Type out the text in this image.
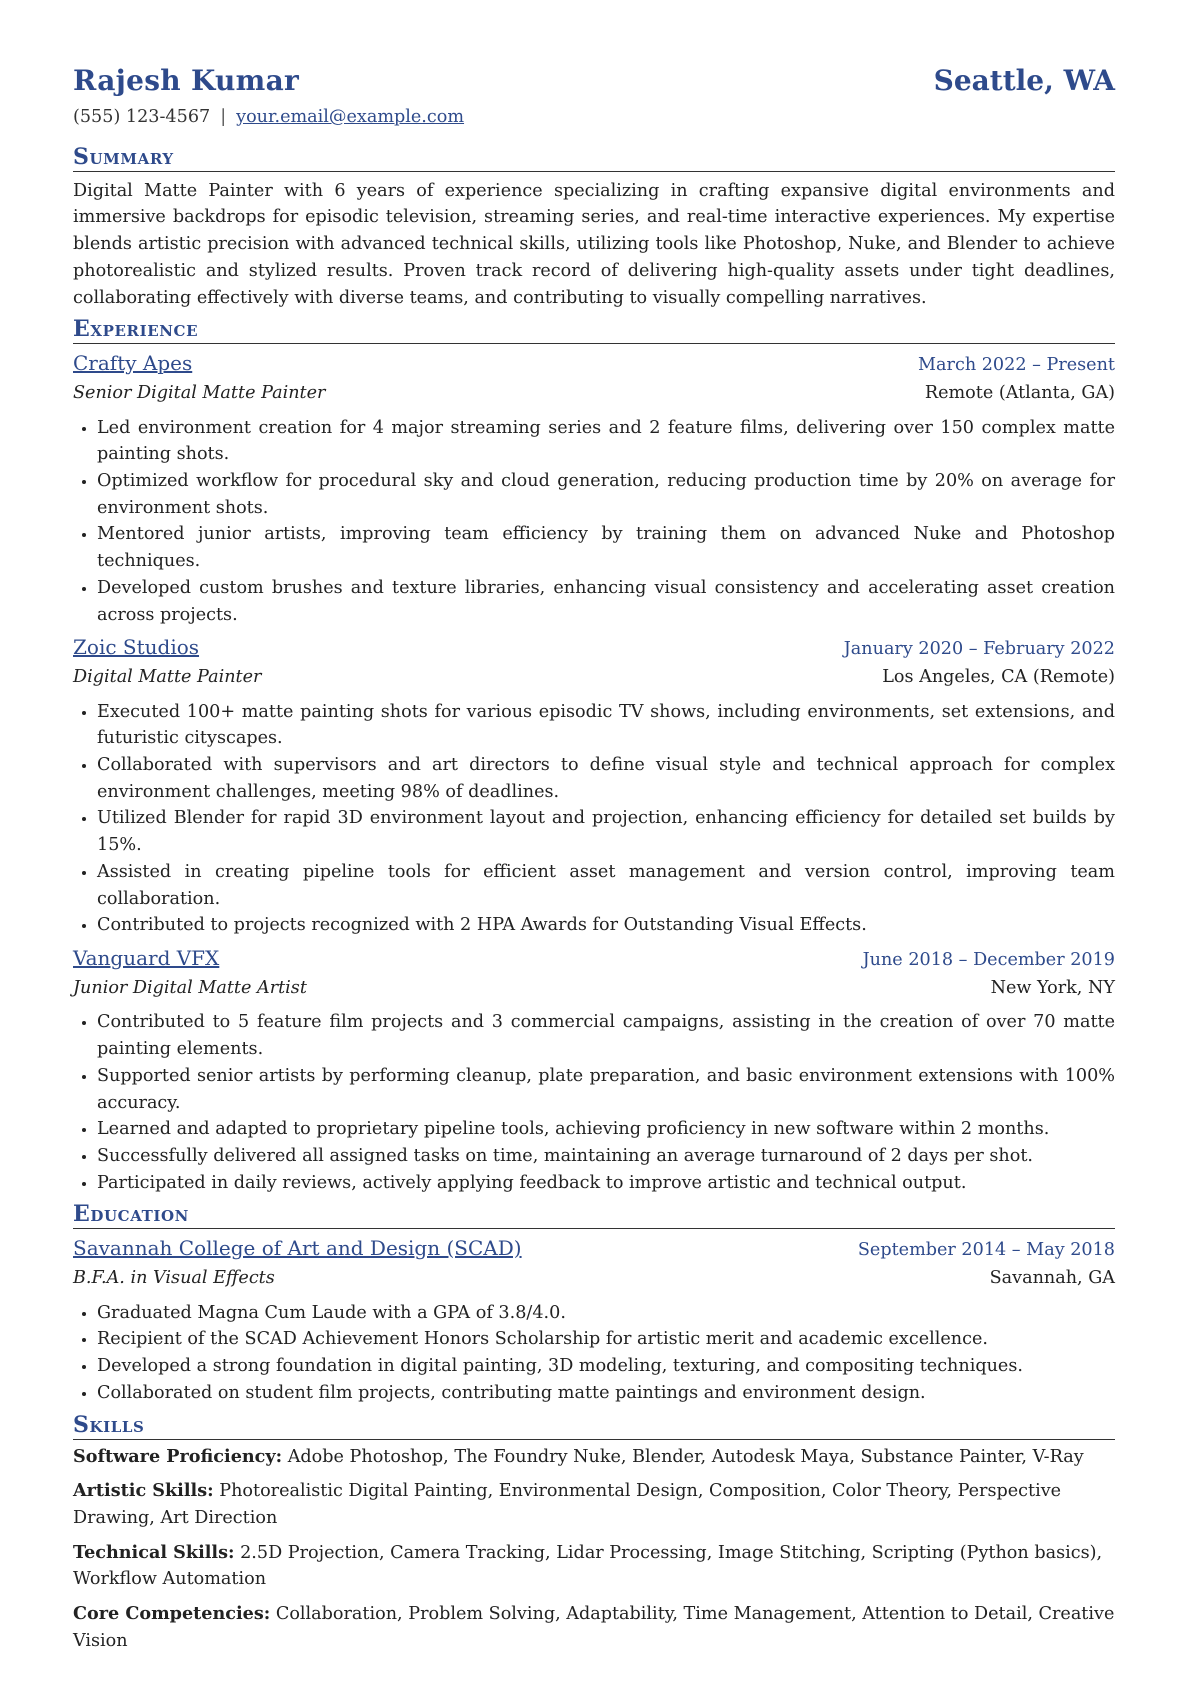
Rajesh Kumar	Seattle, WA
(555) 123-4567 | your.email@example.com
Summary
Digital Matte Painter with 6 years of experience specializing in crafting expansive digital environments and immersive backdrops for episodic television, streaming series, and real-time interactive experiences. My expertise blends artistic precision with advanced technical skills, utilizing tools like Photoshop, Nuke, and Blender to achieve photorealistic and stylized results. Proven track record of delivering high-quality assets under tight deadlines, collaborating effectively with diverse teams, and contributing to visually compelling narratives.
Experience
Crafty Apes	March 2022 – Present
Senior Digital Matte Painter	Remote (Atlanta, GA)
• Led environment creation for 4 major streaming series and 2 feature films, delivering over 150 complex matte painting shots.
• Optimized workflow for procedural sky and cloud generation, reducing production time by 20% on average for environment shots.
• Mentored junior artists, improving team efficiency by training them on advanced Nuke and Photoshop techniques.
• Developed custom brushes and texture libraries, enhancing visual consistency and accelerating asset creation across projects.
Zoic Studios	January 2020 – February 2022
Digital Matte Painter	Los Angeles, CA (Remote)
• Executed 100+ matte painting shots for various episodic TV shows, including environments, set extensions, and futuristic cityscapes.
• Collaborated with supervisors and art directors to define visual style and technical approach for complex environment challenges, meeting 98% of deadlines.
• Utilized Blender for rapid 3D environment layout and projection, enhancing efficiency for detailed set builds by 15%.
• Assisted in creating pipeline tools for efficient asset management and version control, improving team collaboration.
• Contributed to projects recognized with 2 HPA Awards for Outstanding Visual Effects.
Vanguard VFX	June 2018 – December 2019
Junior Digital Matte Artist	New York, NY
• Contributed to 5 feature film projects and 3 commercial campaigns, assisting in the creation of over 70 matte painting elements.
• Supported senior artists by performing cleanup, plate preparation, and basic environment extensions with 100% accuracy.
• Learned and adapted to proprietary pipeline tools, achieving proficiency in new software within 2 months.
• Successfully delivered all assigned tasks on time, maintaining an average turnaround of 2 days per shot.
• Participated in daily reviews, actively applying feedback to improve artistic and technical output.
Education
Savannah College of Art and Design (SCAD)	September 2014 – May 2018
B.F.A. in Visual Effects	Savannah, GA
• Graduated Magna Cum Laude with a GPA of 3.8/4.0.
• Recipient of the SCAD Achievement Honors Scholarship for artistic merit and academic excellence.
• Developed a strong foundation in digital painting, 3D modeling, texturing, and compositing techniques.
• Collaborated on student film projects, contributing matte paintings and environment design.
Skills
Software Proficiency: Adobe Photoshop, The Foundry Nuke, Blender, Autodesk Maya, Substance Painter, V-Ray
Artistic Skills: Photorealistic Digital Painting, Environmental Design, Composition, Color Theory, Perspective Drawing, Art Direction
Technical Skills: 2.5D Projection, Camera Tracking, Lidar Processing, Image Stitching, Scripting (Python basics), Workflow Automation
Core Competencies: Collaboration, Problem Solving, Adaptability, Time Management, Attention to Detail, Creative Vision
